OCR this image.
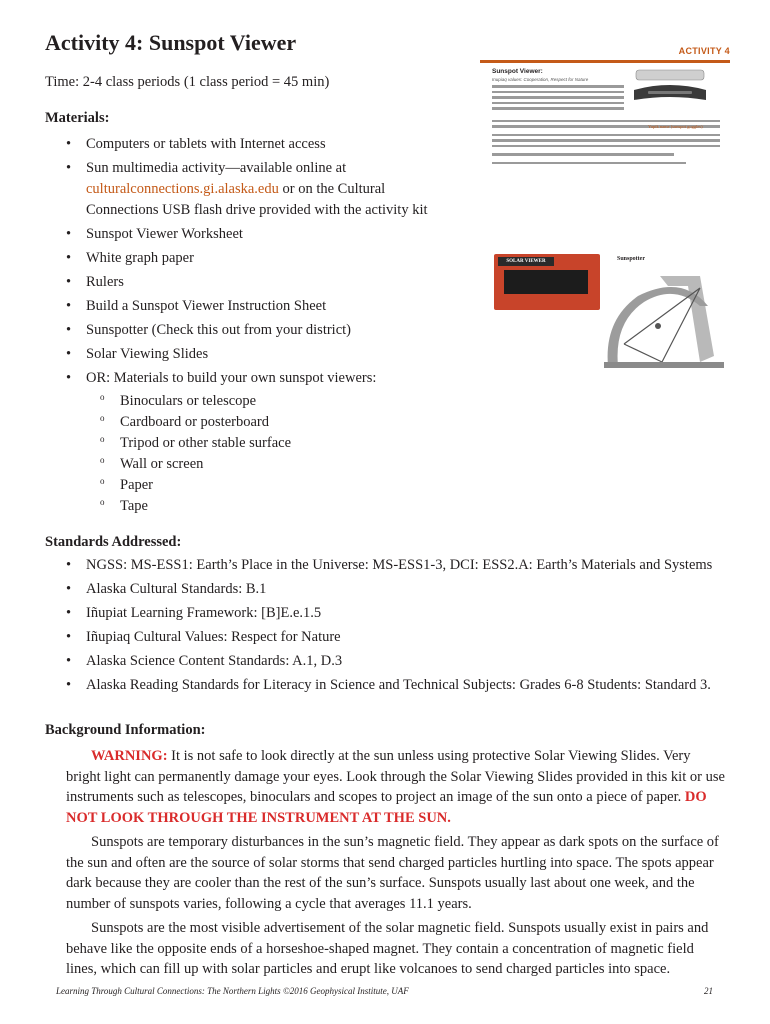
Activity 4: Sunspot Viewer
Time: 2-4 class periods (1 class period = 45 min)
Materials:
• Computers or tablets with Internet access
• Sun multimedia activity—available online at
culturalconnections.gi.alaska.edu or on the Cultural Connections USB flash drive provided with the activity kit
• Sunspot Viewer Worksheet
• White graph paper
• Rulers
• Build a Sunspot Viewer Instruction Sheet
• Sunspotter (Check this out from your district)
• Solar Viewing Slides
• OR: Materials to build your own sunspot viewers:
o Binoculars or telescope
o Cardboard or posterboard
o Tripod or other stable surface
o Wall or screen
o Paper
o Tape
ACTIVITY 4
Sunspot Viewer:
Inupiaq values: Cooperation, Respect for Nature
Yupik name (sunspot goggles)
SOLAR VIEWER	Sunspotter
Standards Addressed:
• NGSS: MS-ESS1: Earth’s Place in the Universe: MS-ESS1-3, DCI: ESS2.A: Earth’s Materials and Systems
• Alaska Cultural Standards: B.1
• Iñupiat Learning Framework: [B]E.e.1.5
• Iñupiaq Cultural Values: Respect for Nature
• Alaska Science Content Standards: A.1, D.3
• Alaska Reading Standards for Literacy in Science and Technical Subjects: Grades 6-8 Students: Standard 3.
Background Information:

WARNING: It is not safe to look directly at the sun unless using protective Solar Viewing Slides. Very bright light can permanently damage your eyes. Look through the Solar Viewing Slides provided in this kit or use instruments such as telescopes, binoculars and scopes to project an image of the sun onto a piece of paper. DO NOT LOOK THROUGH THE INSTRUMENT AT THE SUN.

Sunspots are temporary disturbances in the sun’s magnetic field. They appear as dark spots on the surface of the sun and often are the source of solar storms that send charged particles hurtling into space. The spots appear dark because they are cooler than the rest of the sun’s surface. Sunspots usually last about one week, and the number of sunspots varies, following a cycle that averages 11.1 years.

Sunspots are the most visible advertisement of the solar magnetic field. Sunspots usually exist in pairs and behave like the opposite ends of a horseshoe-shaped magnet. They contain a concentration of magnetic field lines, which can fill up with solar particles and erupt like volcanoes to send charged particles into space.

Learning Through Cultural Connections: The Northern Lights ©2016 Geophysical Institute, UAF	21
